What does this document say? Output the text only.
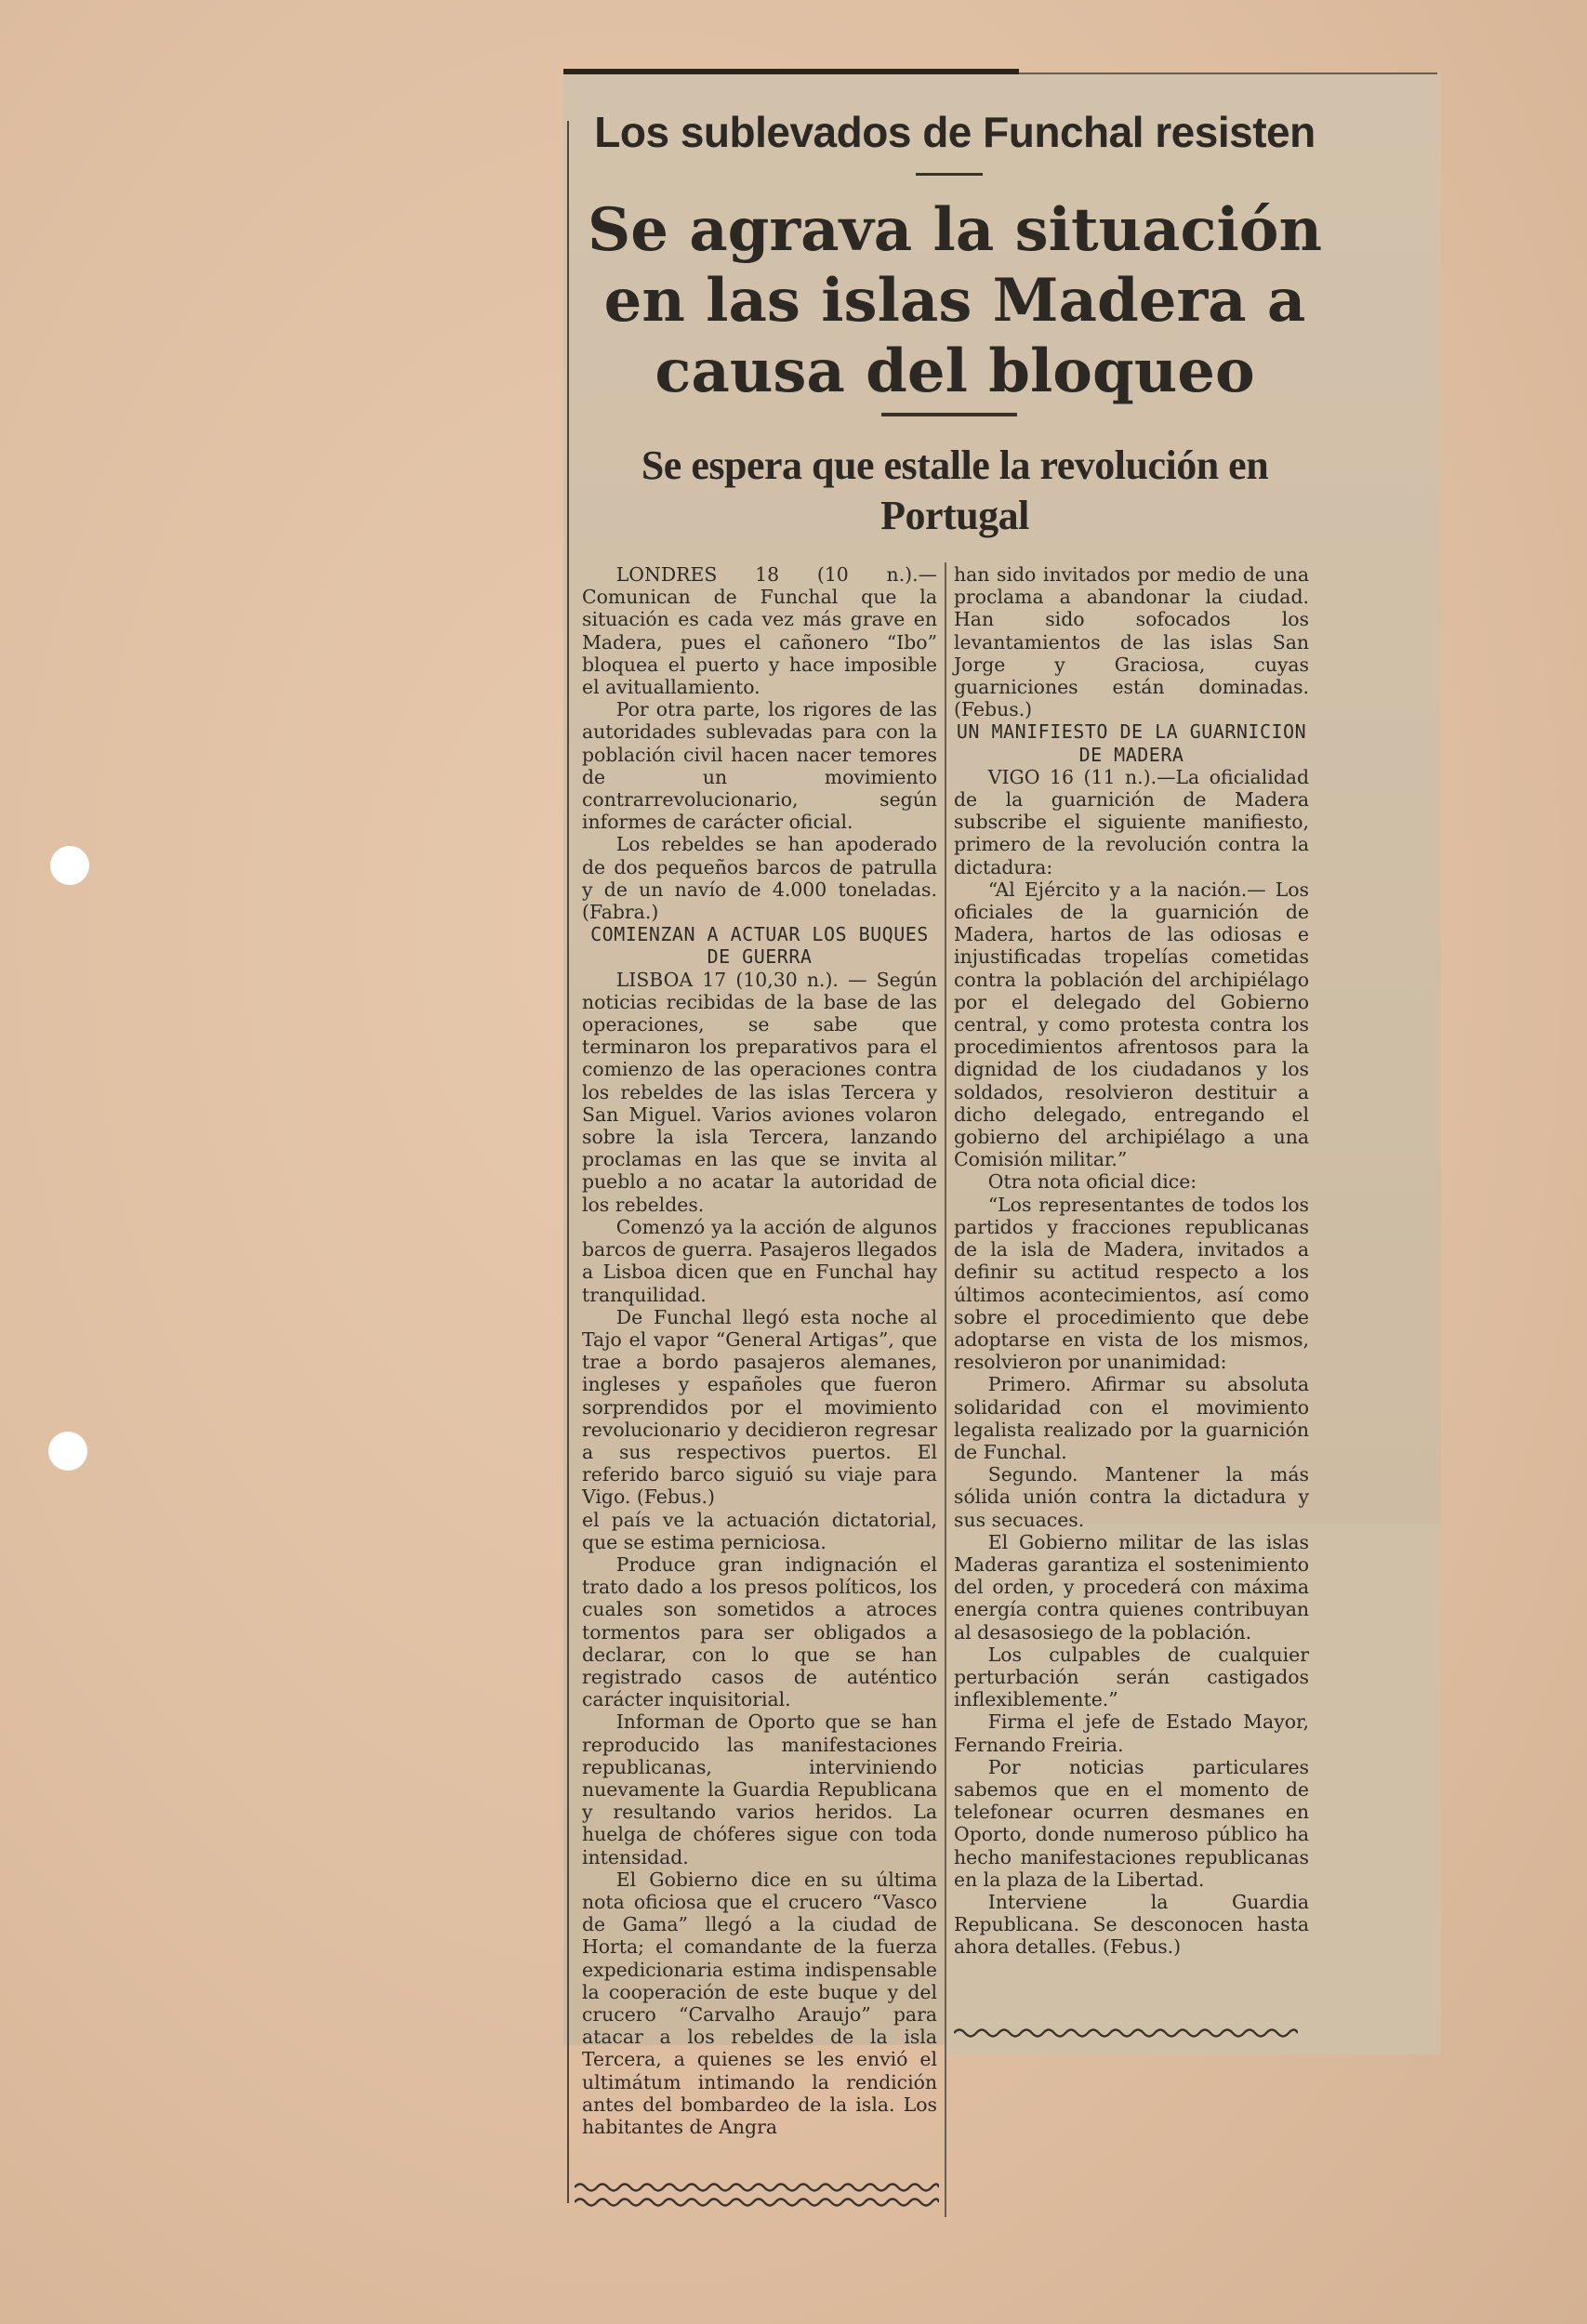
Los sublevados de Funchal resisten
Se agrava la situación en las islas Madera a causa del bloqueo
Se espera que estalle la revolución en Portugal

LONDRES 18 (10 n.).—Comunican de Funchal que la situación es cada vez más grave en Madera, pues el cañonero “Ibo” bloquea el puerto y hace imposible el avituallamiento.

Por otra parte, los rigores de las autoridades sublevadas para con la población civil hacen nacer temores de un movimiento contrarrevolucionario, según informes de carácter oficial.

Los rebeldes se han apoderado de dos pequeños barcos de patrulla y de un navío de 4.000 toneladas. (Fabra.)

COMIENZAN A ACTUAR LOS BUQUES DE GUERRA

LISBOA 17 (10,30 n.). — Según noticias recibidas de la base de las operaciones, se sabe que terminaron los preparativos para el comienzo de las operaciones contra los rebeldes de las islas Tercera y San Miguel. Varios aviones volaron sobre la isla Tercera, lanzando proclamas en las que se invita al pueblo a no acatar la autoridad de los rebeldes.

Comenzó ya la acción de algunos barcos de guerra. Pasajeros llegados a Lisboa dicen que en Funchal hay tranquilidad.

De Funchal llegó esta noche al Tajo el vapor “General Artigas”, que trae a bordo pasajeros alemanes, ingleses y españoles que fueron sorprendidos por el movimiento revolucionario y decidieron regresar a sus respectivos puertos. El referido barco siguió su viaje para Vigo. (Febus.)

el país ve la actuación dictatorial, que se estima perniciosa.

Produce gran indignación el trato dado a los presos políticos, los cuales son sometidos a atroces tormentos para ser obligados a declarar, con lo que se han registrado casos de auténtico carácter inquisitorial.

Informan de Oporto que se han reproducido las manifestaciones republicanas, interviniendo nuevamente la Guardia Republicana y resultando varios heridos. La huelga de chóferes sigue con toda intensidad.

El Gobierno dice en su última nota oficiosa que el crucero “Vasco de Gama” llegó a la ciudad de Horta; el comandante de la fuerza expedicionaria estima indispensable la cooperación de este buque y del crucero “Carvalho Araujo” para atacar a los rebeldes de la isla Tercera, a quienes se les envió el ultimátum intimando la rendición antes del bombardeo de la isla. Los habitantes de Angra

han sido invitados por medio de una proclama a abandonar la ciudad. Han sido sofocados los levantamientos de las islas San Jorge y Graciosa, cuyas guarniciones están dominadas. (Febus.)

UN MANIFIESTO DE LA GUARNICION DE MADERA

VIGO 16 (11 n.).—La oficialidad de la guarnición de Madera subscribe el siguiente manifiesto, primero de la revolución contra la dictadura:

“Al Ejército y a la nación.— Los oficiales de la guarnición de Madera, hartos de las odiosas e injustificadas tropelías cometidas contra la población del archipiélago por el delegado del Gobierno central, y como protesta contra los procedimientos afrentosos para la dignidad de los ciudadanos y los soldados, resolvieron destituir a dicho delegado, entregando el gobierno del archipiélago a una Comisión militar.”

Otra nota oficial dice:

“Los representantes de todos los partidos y fracciones republicanas de la isla de Madera, invitados a definir su actitud respecto a los últimos acontecimientos, así como sobre el procedimiento que debe adoptarse en vista de los mismos, resolvieron por unanimidad:

Primero. Afirmar su absoluta solidaridad con el movimiento legalista realizado por la guarnición de Funchal.

Segundo. Mantener la más sólida unión contra la dictadura y sus secuaces.

El Gobierno militar de las islas Maderas garantiza el sostenimiento del orden, y procederá con máxima energía contra quienes contribuyan al desasosiego de la población.

Los culpables de cualquier perturbación serán castigados inflexiblemente.”

Firma el jefe de Estado Mayor, Fernando Freiria.

Por noticias particulares sabemos que en el momento de telefonear ocurren desmanes en Oporto, donde numeroso público ha hecho manifestaciones republicanas en la plaza de la Libertad.

Interviene la Guardia Republicana. Se desconocen hasta ahora detalles. (Febus.)
